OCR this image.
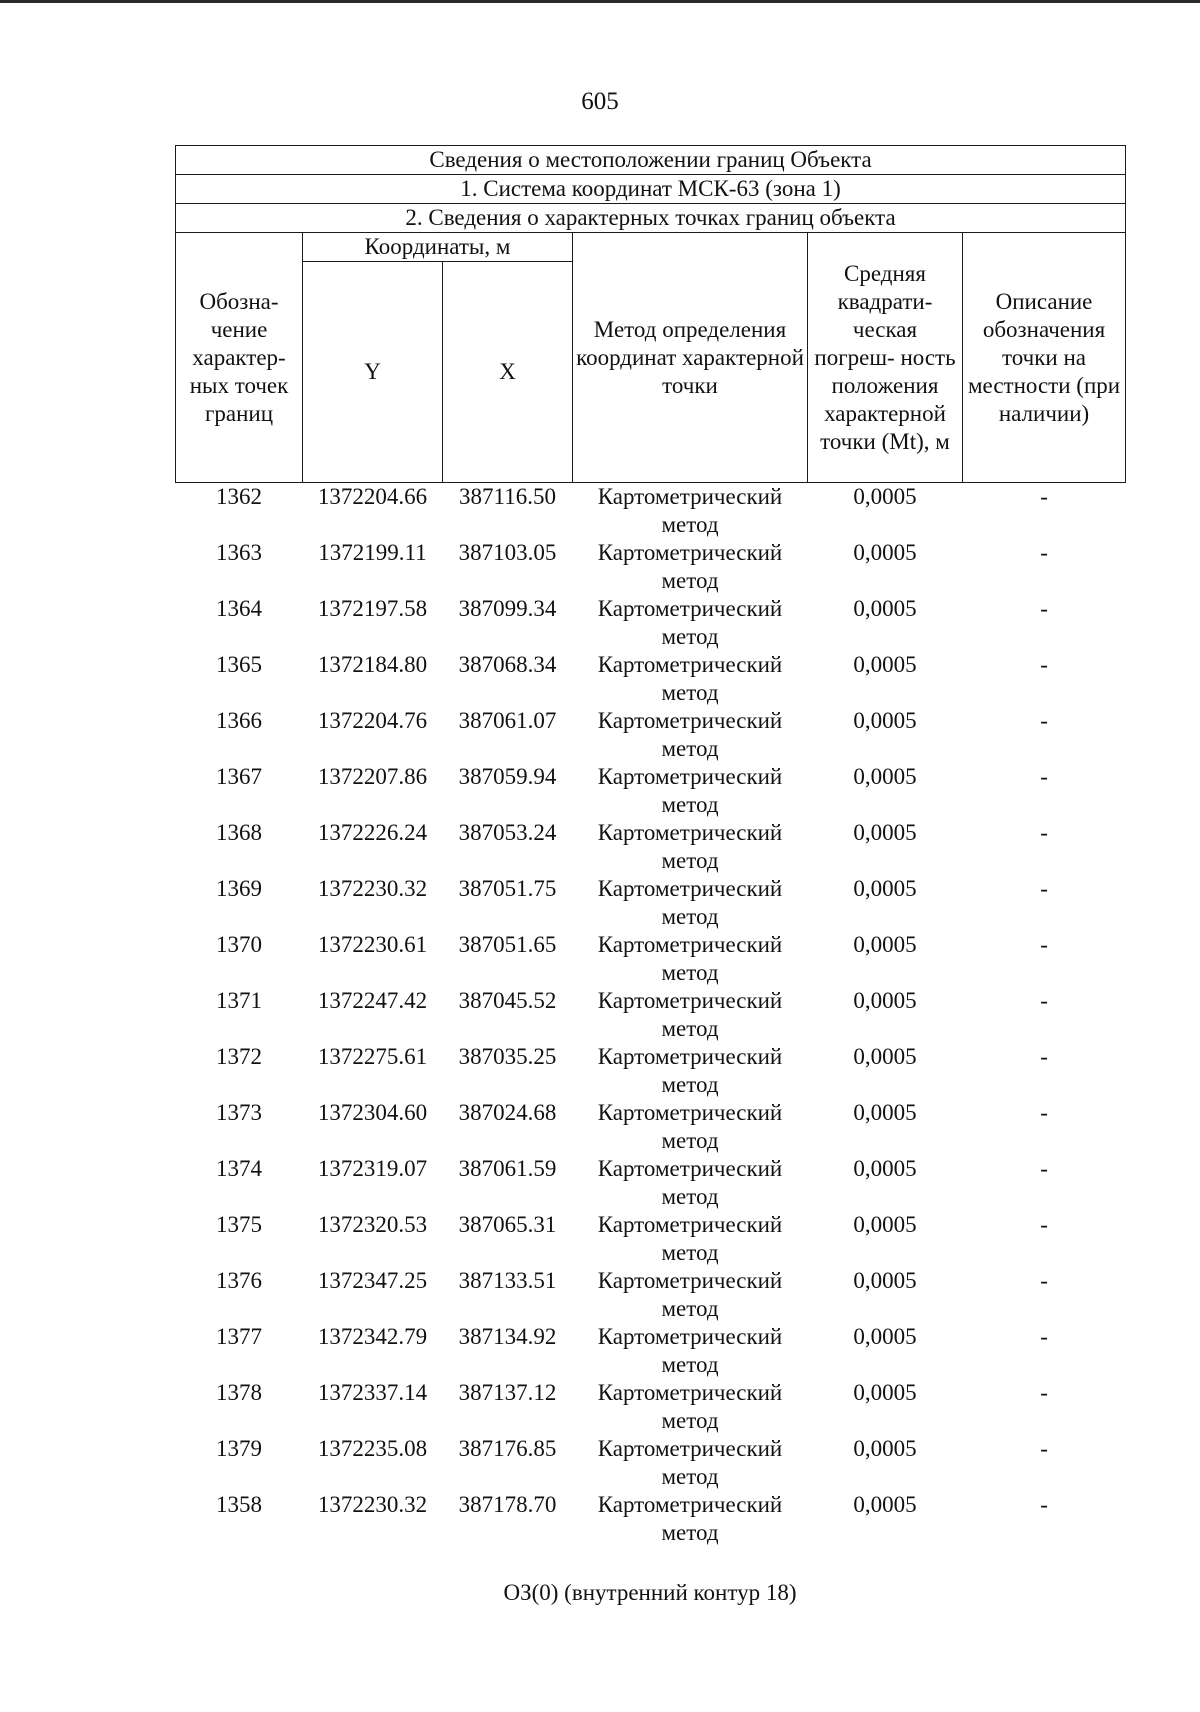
605
Сведения о местоположении границ Объекта					
1. Система координат МСК-63 (зона 1)					
2. Сведения о характерных точках границ объекта					
Обозна- чение характер- ных точек границ	Координаты, м		Метод определения координат характерной точки	Средняя квадрати- ческая погреш- ность положения характерной точки (Mt), м	Описание обозначения точки на местности (при наличии)
	Y	X			
1362	1372204.66	387116.50	Картометрический метод	0,0005	-
1363	1372199.11	387103.05	Картометрический метод	0,0005	-
1364	1372197.58	387099.34	Картометрический метод	0,0005	-
1365	1372184.80	387068.34	Картометрический метод	0,0005	-
1366	1372204.76	387061.07	Картометрический метод	0,0005	-
1367	1372207.86	387059.94	Картометрический метод	0,0005	-
1368	1372226.24	387053.24	Картометрический метод	0,0005	-
1369	1372230.32	387051.75	Картометрический метод	0,0005	-
1370	1372230.61	387051.65	Картометрический метод	0,0005	-
1371	1372247.42	387045.52	Картометрический метод	0,0005	-
1372	1372275.61	387035.25	Картометрический метод	0,0005	-
1373	1372304.60	387024.68	Картометрический метод	0,0005	-
1374	1372319.07	387061.59	Картометрический метод	0,0005	-
1375	1372320.53	387065.31	Картометрический метод	0,0005	-
1376	1372347.25	387133.51	Картометрический метод	0,0005	-
1377	1372342.79	387134.92	Картометрический метод	0,0005	-
1378	1372337.14	387137.12	Картометрический метод	0,0005	-
1379	1372235.08	387176.85	Картометрический метод	0,0005	-
1358	1372230.32	387178.70	Картометрический метод	0,0005	-
ОЗ(0) (внутренний контур 18)
